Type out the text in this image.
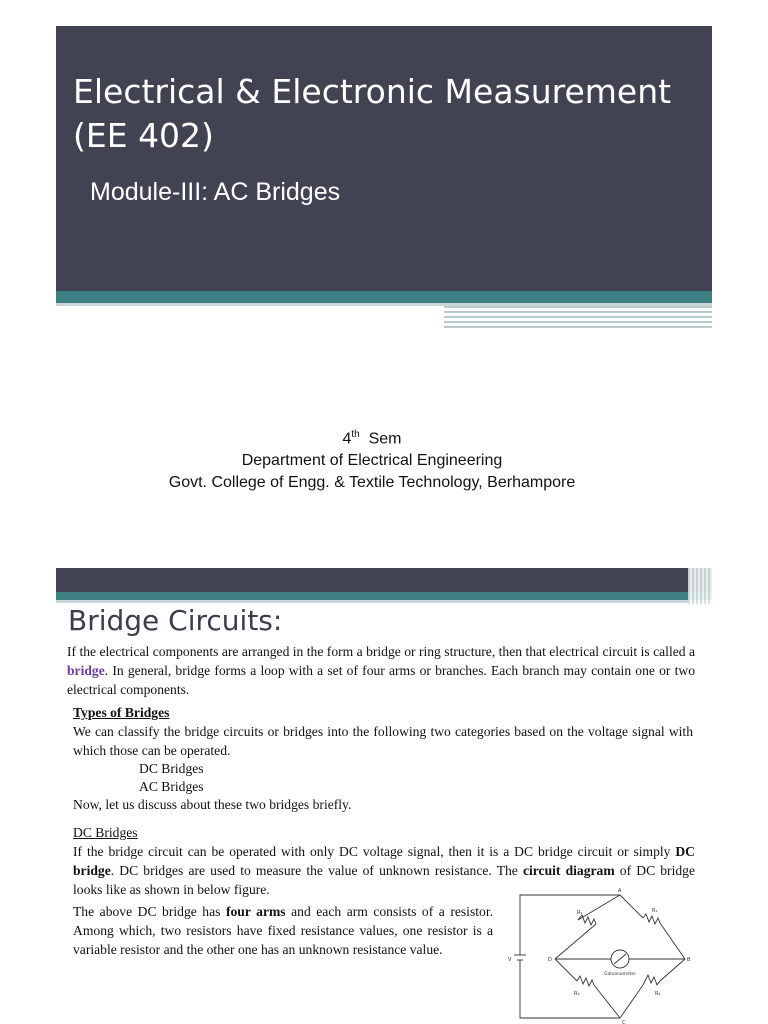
Electrical & Electronic Measurement
(EE 402)
Module-III: AC Bridges
4th Sem
Department of Electrical Engineering
Govt. College of Engg. & Textile Technology, Berhampore
Bridge Circuits:
If the electrical components are arranged in the form a bridge or ring structure, then that electrical circuit is called a bridge. In general, bridge forms a loop with a set of four arms or branches. Each branch may contain one or two electrical components.
Types of Bridges
We can classify the bridge circuits or bridges into the following two categories based on the voltage signal with which those can be operated.
DC Bridges
AC Bridges
Now, let us discuss about these two bridges briefly.
DC Bridges
If the bridge circuit can be operated with only DC voltage signal, then it is a DC bridge circuit or simply DC bridge. DC bridges are used to measure the value of unknown resistance. The circuit diagram of DC bridge looks like as shown in below figure.
The above DC bridge has four arms and each arm consists of a resistor. Among which, two resistors have fixed resistance values, one resistor is a variable resistor and the other one has an unknown resistance value.
A
D	B
C
V
R₁	R₂
R₃	R₄
Galvanometer
